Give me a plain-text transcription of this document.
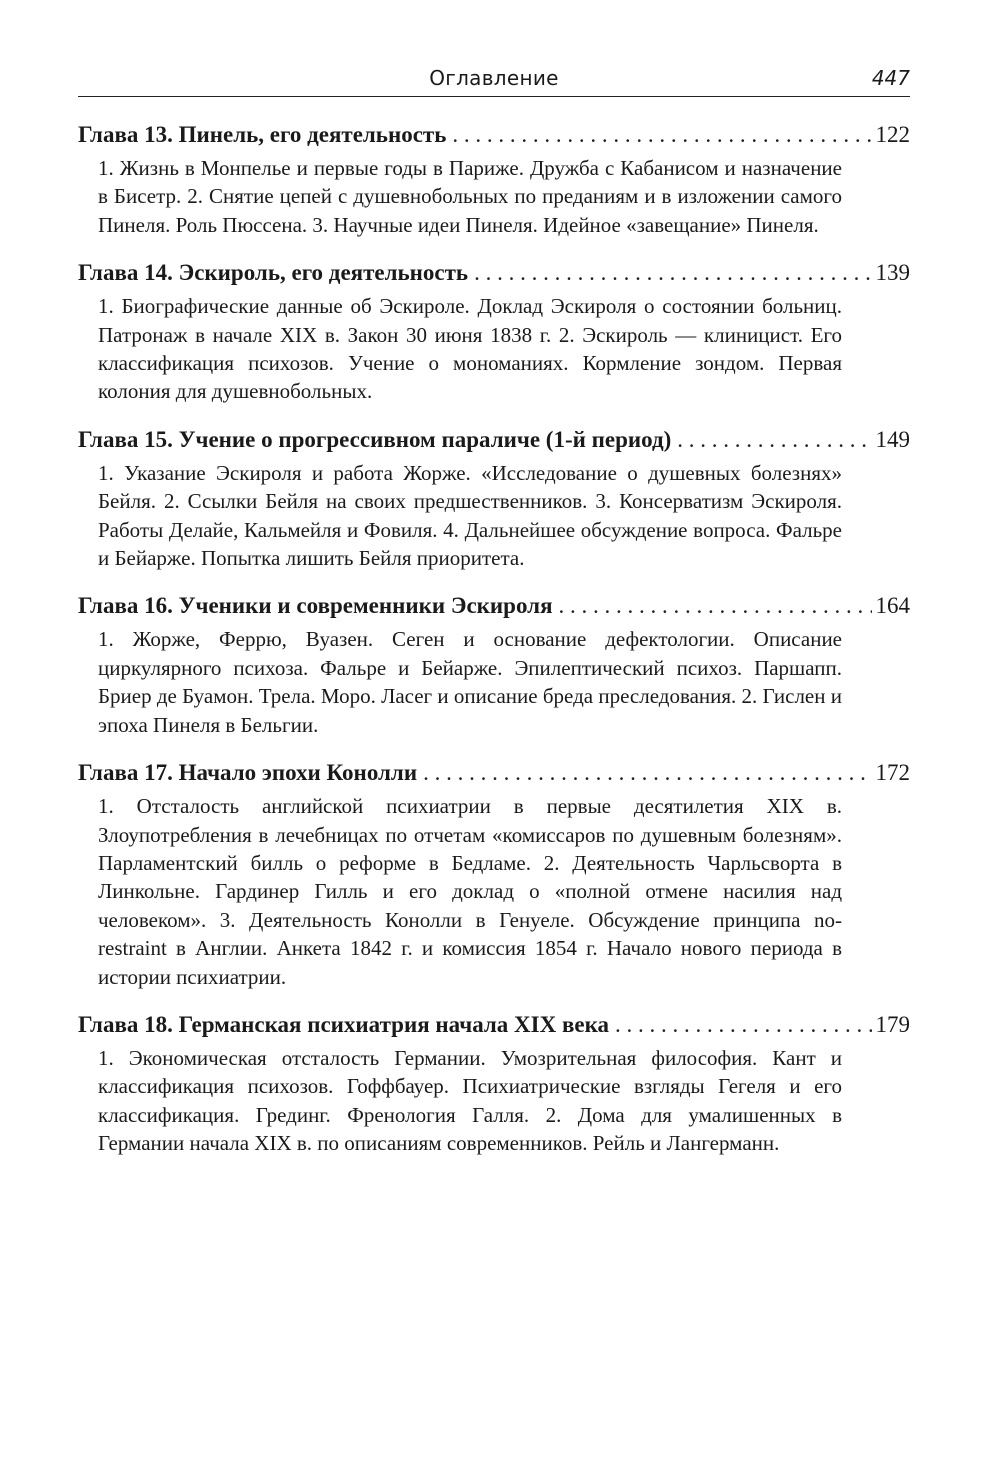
Оглавление	447
Глава 13. Пинель, его деятельность . . .	122

1. Жизнь в Монпелье и первые годы в Париже. Дружба с Кабанисом и назначение в Бисетр. 2. Снятие цепей с душевнобольных по преданиям и в изложении самого Пинеля. Роль Пюссена. 3. Научные идеи Пинеля. Идейное «завещание» Пинеля.

Глава 14. Эскироль, его деятельность . . .	139

1. Биографические данные об Эскироле. Доклад Эскироля о состоянии больниц. Патронаж в начале XIX в. Закон 30 июня 1838 г. 2. Эскироль — клиницист. Его классификация психозов. Учение о мономаниях. Кормление зондом. Первая колония для душевнобольных.

Глава 15. Учение о прогрессивном параличе (1-й период) . . .	149

1. Указание Эскироля и работа Жорже. «Исследование о душевных болезнях» Бейля. 2. Ссылки Бейля на своих предшественников. 3. Консерватизм Эскироля. Работы Делайе, Кальмейля и Фовиля. 4. Дальнейшее обсуждение вопроса. Фальре и Бейарже. Попытка лишить Бейля приоритета.

Глава 16. Ученики и современники Эскироля . . .	164

1. Жорже, Феррю, Вуазен. Сеген и основание дефектологии. Описание циркулярного психоза. Фальре и Бейарже. Эпилептический психоз. Паршапп. Бриер де Буамон. Трела. Моро. Ласег и описание бреда преследования. 2. Гислен и эпоха Пинеля в Бельгии.

Глава 17. Начало эпохи Конолли . . .	172

1. Отсталость английской психиатрии в первые десятилетия XIX в. Злоупотребления в лечебницах по отчетам «комиссаров по душевным болезням». Парламентский билль о реформе в Бедламе. 2. Деятельность Чарльсворта в Линкольне. Гардинер Гилль и его доклад о «полной отмене насилия над человеком». 3. Деятельность Конолли в Генуеле. Обсуждение принципа no-restraint в Англии. Анкета 1842 г. и комиссия 1854 г. Начало нового периода в истории психиатрии.

Глава 18. Германская психиатрия начала XIX века . . .	179

1. Экономическая отсталость Германии. Умозрительная философия. Кант и классификация психозов. Гоффбауер. Психиатрические взгляды Гегеля и его классификация. Грединг. Френология Галля. 2. Дома для умалишенных в Германии начала XIX в. по описаниям современников. Рейль и Лангерманн.
